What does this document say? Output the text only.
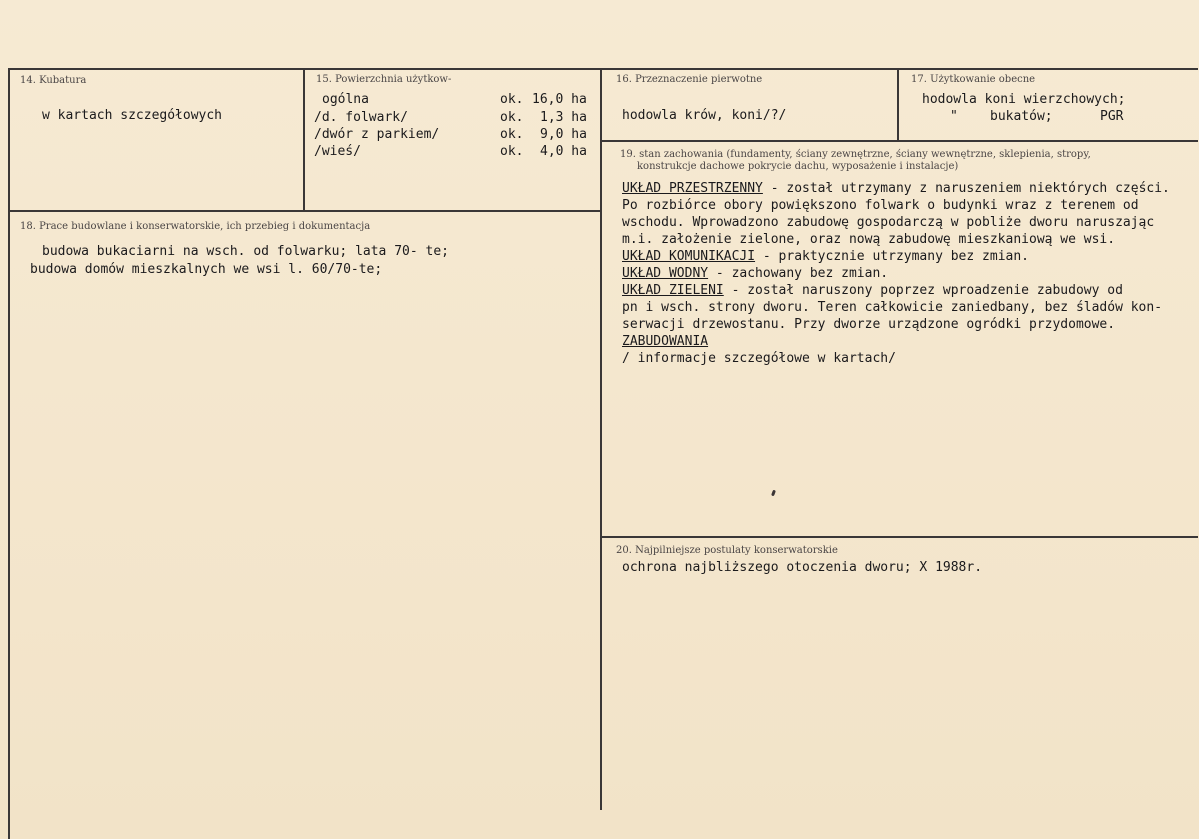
14. Kubatura
w kartach szczegółowych
15. Powierzchnia użytkow-
ogólna	ok. 16,0 ha
/d. folwark/	ok. 1,3 ha
/dwór z parkiem/	ok. 9,0 ha
/wieś/	ok. 4,0 ha
16. Przeznaczenie pierwotne
hodowla krów, koni/?/
17. Użytkowanie obecne
hodowla koni wierzchowych;
" bukatów;	PGR
18. Prace budowlane i konserwatorskie, ich przebieg i dokumentacja
budowa bukaciarni na wsch. od folwarku; lata 70- te;
budowa domów mieszkalnych we wsi l. 60/70-te;
19. stan zachowania (fundamenty, ściany zewnętrzne, ściany wewnętrzne, sklepienia, stropy,
konstrukcje dachowe pokrycie dachu, wyposażenie i instalacje)
UKŁAD PRZESTRZENNY - został utrzymany z naruszeniem niektórych części.
Po rozbiórce obory powiększono folwark o budynki wraz z terenem od
wschodu. Wprowadzono zabudowę gospodarczą w pobliże dworu naruszając
m.i. założenie zielone, oraz nową zabudowę mieszkaniową we wsi.
UKŁAD KOMUNIKACJI - praktycznie utrzymany bez zmian.
UKŁAD WODNY - zachowany bez zmian.
UKŁAD ZIELENI - został naruszony poprzez wproadzenie zabudowy od
pn i wsch. strony dworu. Teren całkowicie zaniedbany, bez śladów kon-
serwacji drzewostanu. Przy dworze urządzone ogródki przydomowe.
ZABUDOWANIA
/ informacje szczegółowe w kartach/
20. Najpilniejsze postulaty konserwatorskie
ochrona najbliższego otoczenia dworu; X 1988r.
